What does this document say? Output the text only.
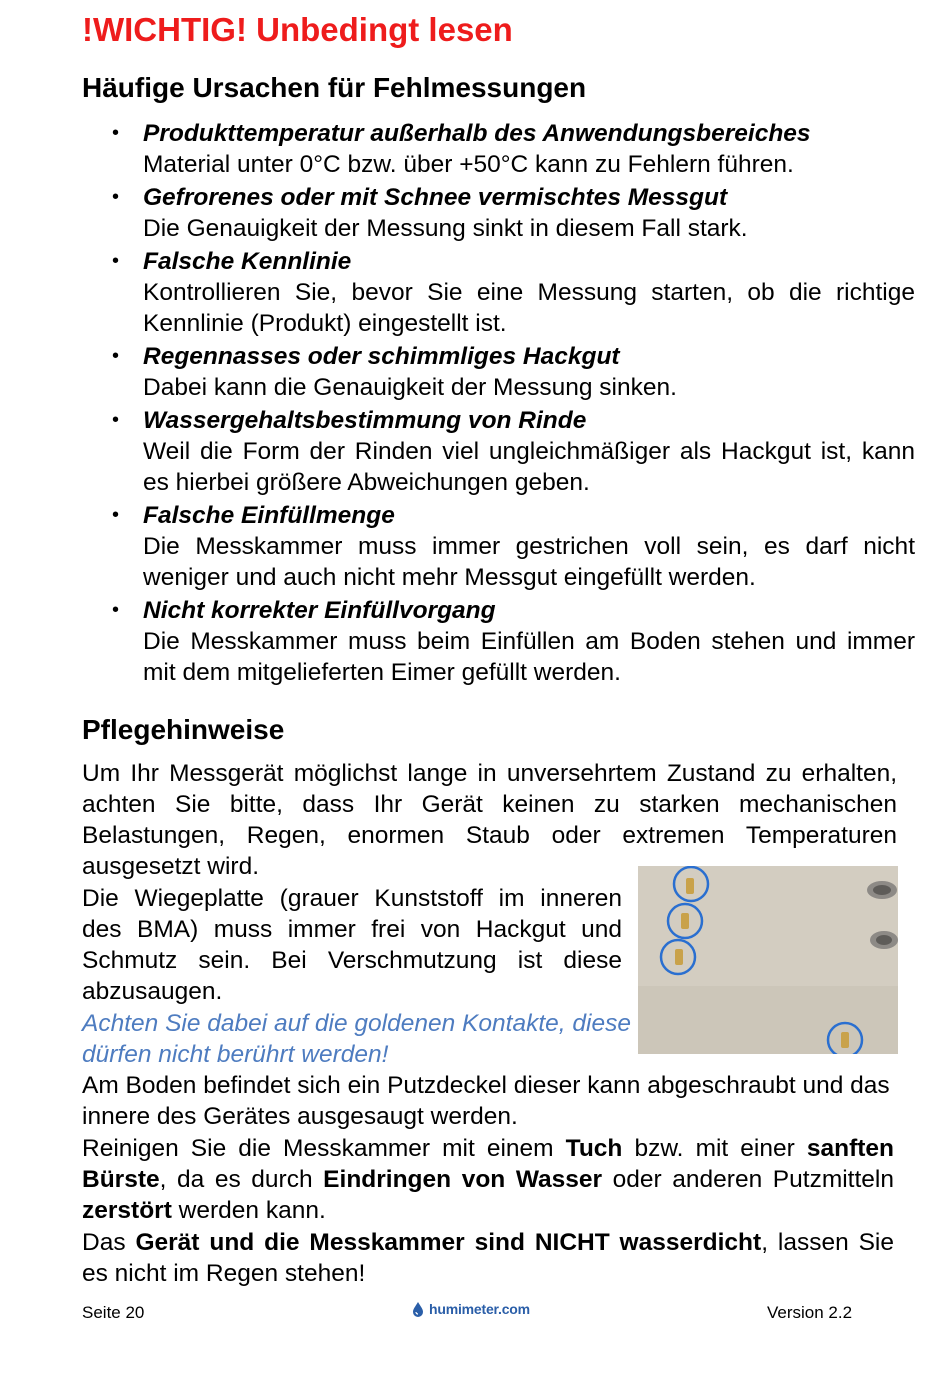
!WICHTIG! Unbedingt lesen
Häufige Ursachen für Fehlmessungen
• Produkttemperatur außerhalb des Anwendungsbereiches
Material unter 0°C bzw. über +50°C kann zu Fehlern führen.
• Gefrorenes oder mit Schnee vermischtes Messgut
Die Genauigkeit der Messung sinkt in diesem Fall stark.
• Falsche Kennlinie
Kontrollieren Sie, bevor Sie eine Messung starten, ob die richtige Kennlinie (Produkt) eingestellt ist.
• Regennasses oder schimmliges Hackgut
Dabei kann die Genauigkeit der Messung sinken.
• Wassergehaltsbestimmung von Rinde
Weil die Form der Rinden viel ungleichmäßiger als Hackgut ist, kann es hierbei größere Abweichungen geben.
• Falsche Einfüllmenge
Die Messkammer muss immer gestrichen voll sein, es darf nicht weniger und auch nicht mehr Messgut eingefüllt werden.
• Nicht korrekter Einfüllvorgang
Die Messkammer muss beim Einfüllen am Boden stehen und immer mit dem mitgelieferten Eimer gefüllt werden.
Pflegehinweise

Um Ihr Messgerät möglichst lange in unversehrtem Zustand zu erhalten, achten Sie bitte, dass Ihr Gerät keinen zu starken mechanischen Belastungen, Regen, enormen Staub oder extremen Temperaturen ausgesetzt wird.

Die Wiegeplatte (grauer Kunststoff im inneren des BMA) muss immer frei von Hackgut und Schmutz sein. Bei Verschmutzung ist diese abzusaugen.

Achten Sie dabei auf die goldenen Kontakte, diese dürfen nicht berührt werden!

Am Boden befindet sich ein Putzdeckel dieser kann abgeschraubt und das innere des Gerätes ausgesaugt werden.

Reinigen Sie die Messkammer mit einem Tuch bzw. mit einer sanften Bürste, da es durch Eindringen von Wasser oder anderen Putzmitteln zerstört werden kann.

Das Gerät und die Messkammer sind NICHT wasserdicht, lassen Sie es nicht im Regen stehen!

Seite 20	humimeter.com	Version 2.2
